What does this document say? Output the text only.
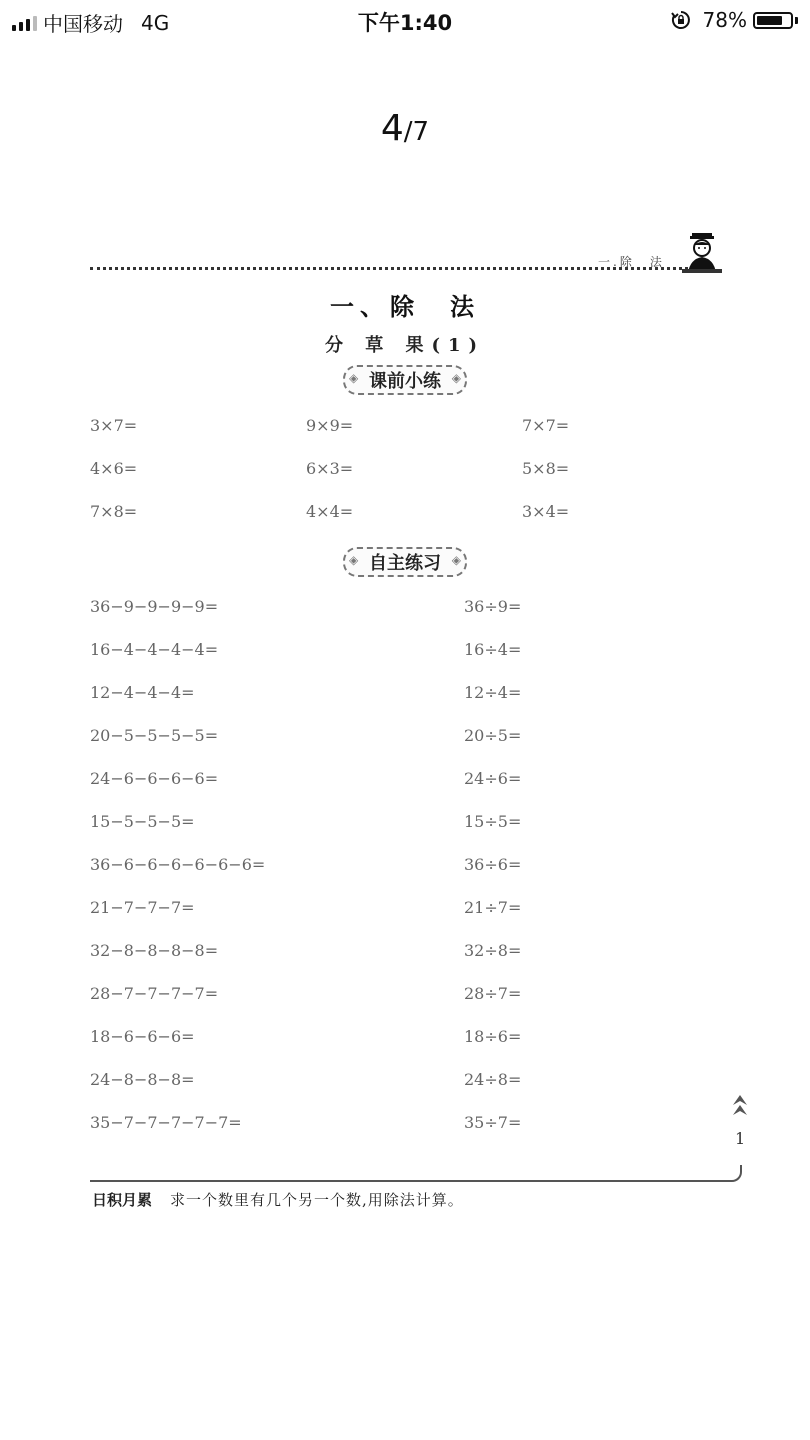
中国移动 4G	下午1:40	78%
4/7
一.除　法
一、除　法
分 草 果(1)
◈ 课前小练 ◈
3×7=	9×9=	7×7=
4×6=	6×3=	5×8=
7×8=	4×4=	3×4=
◈ 自主练习 ◈
36−9−9−9−9=	36÷9=
16−4−4−4−4=	16÷4=
12−4−4−4=	12÷4=
20−5−5−5−5=	20÷5=
24−6−6−6−6=	24÷6=
15−5−5−5=	15÷5=
36−6−6−6−6−6−6=	36÷6=
21−7−7−7=	21÷7=
32−8−8−8−8=	32÷8=
28−7−7−7−7=	28÷7=
18−6−6−6=	18÷6=
24−8−8−8=	24÷8=
35−7−7−7−7−7=	35÷7=
1
日积月累 求一个数里有几个另一个数,用除法计算。
